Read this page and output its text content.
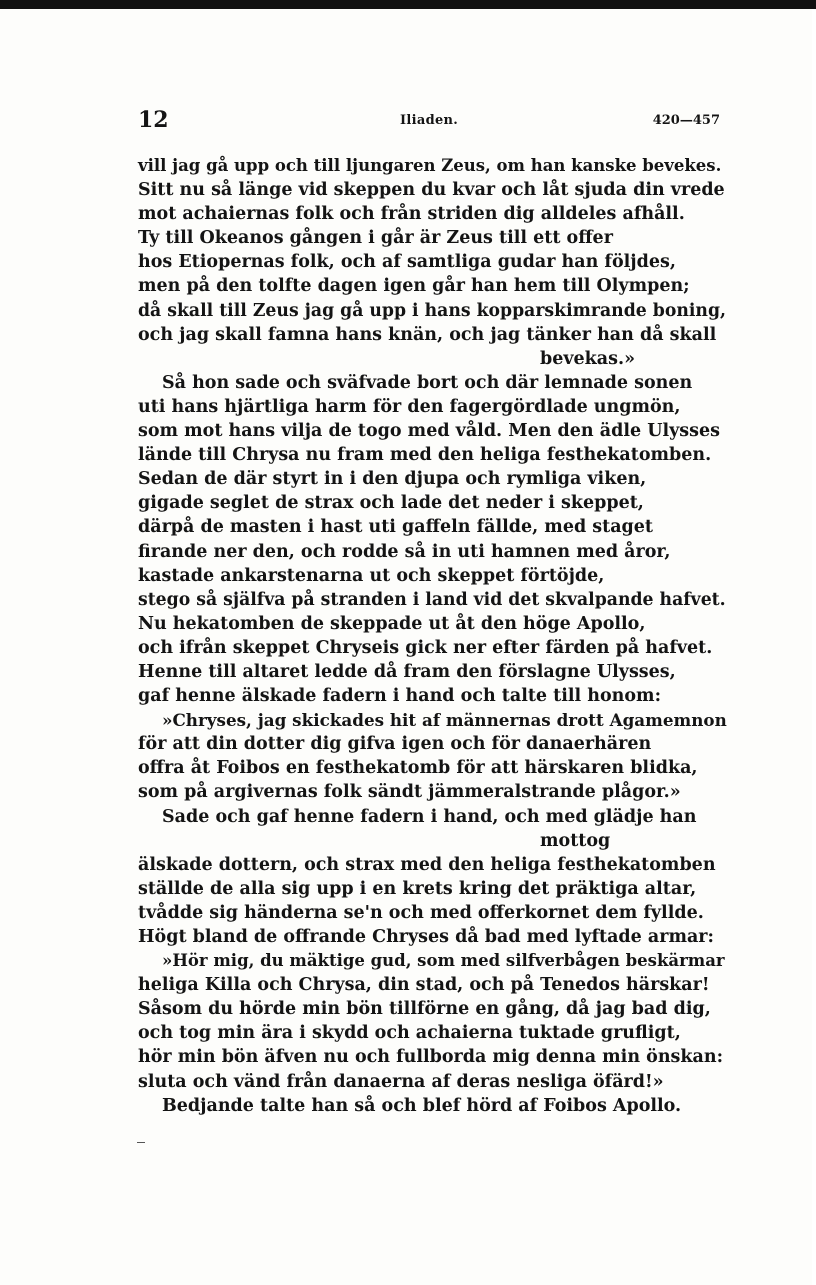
12	Iliaden.	420—457
vill jag gå upp och till ljungaren Zeus, om han kanske bevekes.
Sitt nu så länge vid skeppen du kvar och låt sjuda din vrede
mot achaiernas folk och från striden dig alldeles afhåll.
Ty till Okeanos gången i går är Zeus till ett offer
hos Etiopernas folk, och af samtliga gudar han följdes,
men på den tolfte dagen igen går han hem till Olympen;
då skall till Zeus jag gå upp i hans kopparskimrande boning,
och jag skall famna hans knän, och jag tänker han då skall
bevekas.»
Så hon sade och sväfvade bort och där lemnade sonen
uti hans hjärtliga harm för den fagergördlade ungmön,
som mot hans vilja de togo med våld. Men den ädle Ulysses
lände till Chrysa nu fram med den heliga festhekatomben.
Sedan de där styrt in i den djupa och rymliga viken,
gigade seglet de strax och lade det neder i skeppet,
därpå de masten i hast uti gaffeln fällde, med staget
firande ner den, och rodde så in uti hamnen med åror,
kastade ankarstenarna ut och skeppet förtöjde,
stego så själfva på stranden i land vid det skvalpande hafvet.
Nu hekatomben de skeppade ut åt den höge Apollo,
och ifrån skeppet Chryseis gick ner efter färden på hafvet.
Henne till altaret ledde då fram den förslagne Ulysses,
gaf henne älskade fadern i hand och talte till honom:
»Chryses, jag skickades hit af männernas drott Agamemnon
för att din dotter dig gifva igen och för danaerhären
offra åt Foibos en festhekatomb för att härskaren blidka,
som på argivernas folk sändt jämmeralstrande plågor.»
Sade och gaf henne fadern i hand, och med glädje han
mottog
älskade dottern, och strax med den heliga festhekatomben
ställde de alla sig upp i en krets kring det präktiga altar,
tvådde sig händerna se'n och med offerkornet dem fyllde.
Högt bland de offrande Chryses då bad med lyftade armar:
»Hör mig, du mäktige gud, som med silfverbågen beskärmar
heliga Killa och Chrysa, din stad, och på Tenedos härskar!
Såsom du hörde min bön tillförne en gång, då jag bad dig,
och tog min ära i skydd och achaierna tuktade grufligt,
hör min bön äfven nu och fullborda mig denna min önskan:
sluta och vänd från danaerna af deras nesliga öfärd!»
Bedjande talte han så och blef hörd af Foibos Apollo.
